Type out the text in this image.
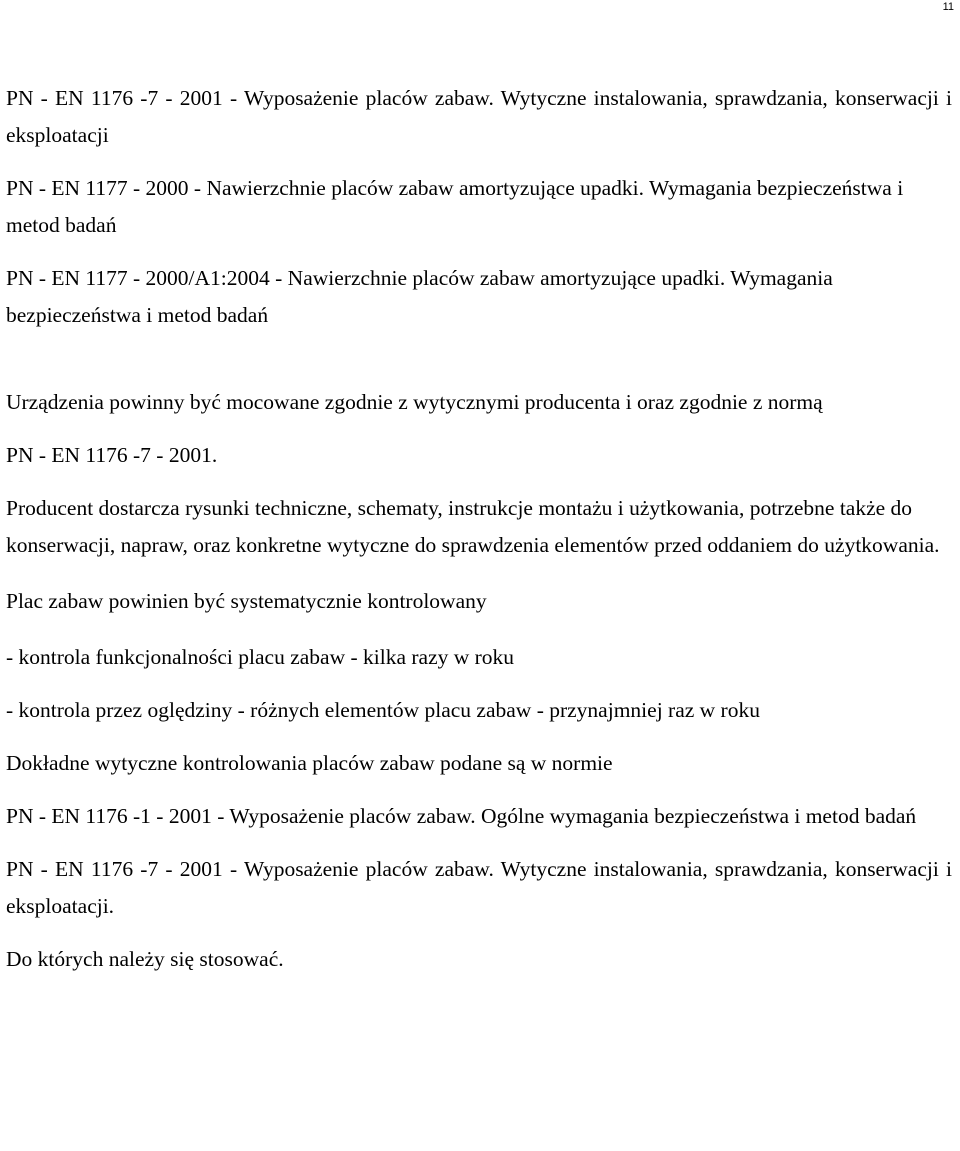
11

PN - EN 1176 -7 - 2001 - Wyposażenie placów zabaw. Wytyczne instalowania, sprawdzania, konserwacji i eksploatacji

PN - EN 1177 - 2000 - Nawierzchnie placów zabaw amortyzujące upadki. Wymagania bezpieczeństwa i metod badań

PN - EN 1177 - 2000/A1:2004 - Nawierzchnie placów zabaw amortyzujące upadki. Wymagania bezpieczeństwa i metod badań

Urządzenia powinny być mocowane zgodnie z wytycznymi producenta i oraz zgodnie z normą

PN - EN 1176 -7 - 2001.

Producent dostarcza rysunki techniczne, schematy, instrukcje montażu i użytkowania, potrzebne także do konserwacji, napraw, oraz konkretne wytyczne do sprawdzenia elementów przed oddaniem do użytkowania.

Plac zabaw powinien być systematycznie kontrolowany

- kontrola funkcjonalności placu zabaw - kilka razy w roku

- kontrola przez oględziny - różnych elementów placu zabaw - przynajmniej raz w roku

Dokładne wytyczne kontrolowania placów zabaw podane są w normie

PN - EN 1176 -1 - 2001 - Wyposażenie placów zabaw. Ogólne wymagania bezpieczeństwa i metod badań

PN - EN 1176 -7 - 2001 - Wyposażenie placów zabaw. Wytyczne instalowania, sprawdzania, konserwacji i eksploatacji.

Do których należy się stosować.
